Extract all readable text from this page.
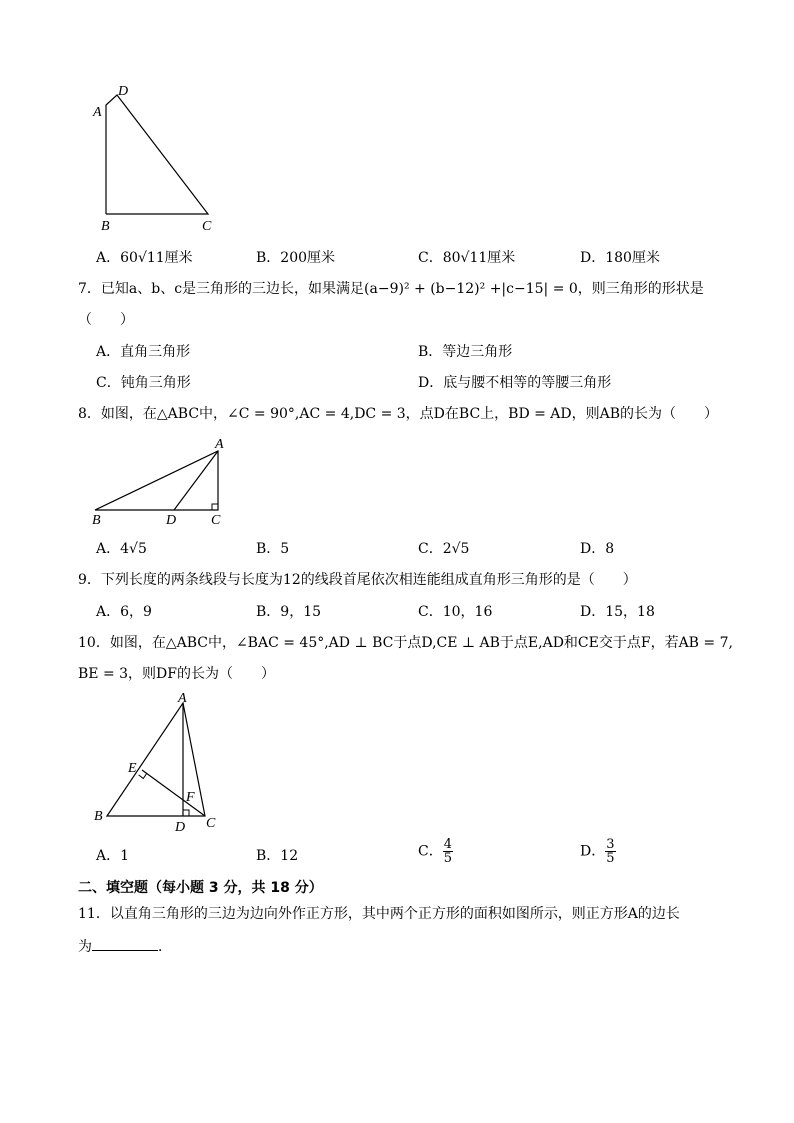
D
A
B	C
A．60√11厘米	B．200厘米	C．80√11厘米	D．180厘米
7．已知a、b、c是三角形的三边长，如果满足(a−9)² + (b−12)² +|c−15| = 0，则三角形的形状是
（　　）
A．直角三角形	B．等边三角形
C．钝角三角形	D．底与腰不相等的等腰三角形
8．如图，在△ABC中，∠C = 90°,AC = 4,DC = 3，点D在BC上，BD = AD，则AB的长为（　　）
A
B	D C
A．4√5	B．5	C．2√5	D．8
9．下列长度的两条线段与长度为12的线段首尾依次相连能组成直角形三角形的是（　　）
A．6，9	B．9，15	C．10，16	D．15，18
10．如图，在△ABC中，∠BAC = 45°,AD ⊥ BC于点D,CE ⊥ AB于点E,AD和CE交于点F，若AB = 7,
BE = 3，则DF的长为（　　）
A
E
F
B
D C
A．1	B．12	C． $\frac{4}{5}$	D． $\frac{3}{5}$
二、填空题（每小题 3 分，共 18 分）
11．以直角三角形的三边为边向外作正方形，其中两个正方形的面积如图所示，则正方形A的边长
为	．
